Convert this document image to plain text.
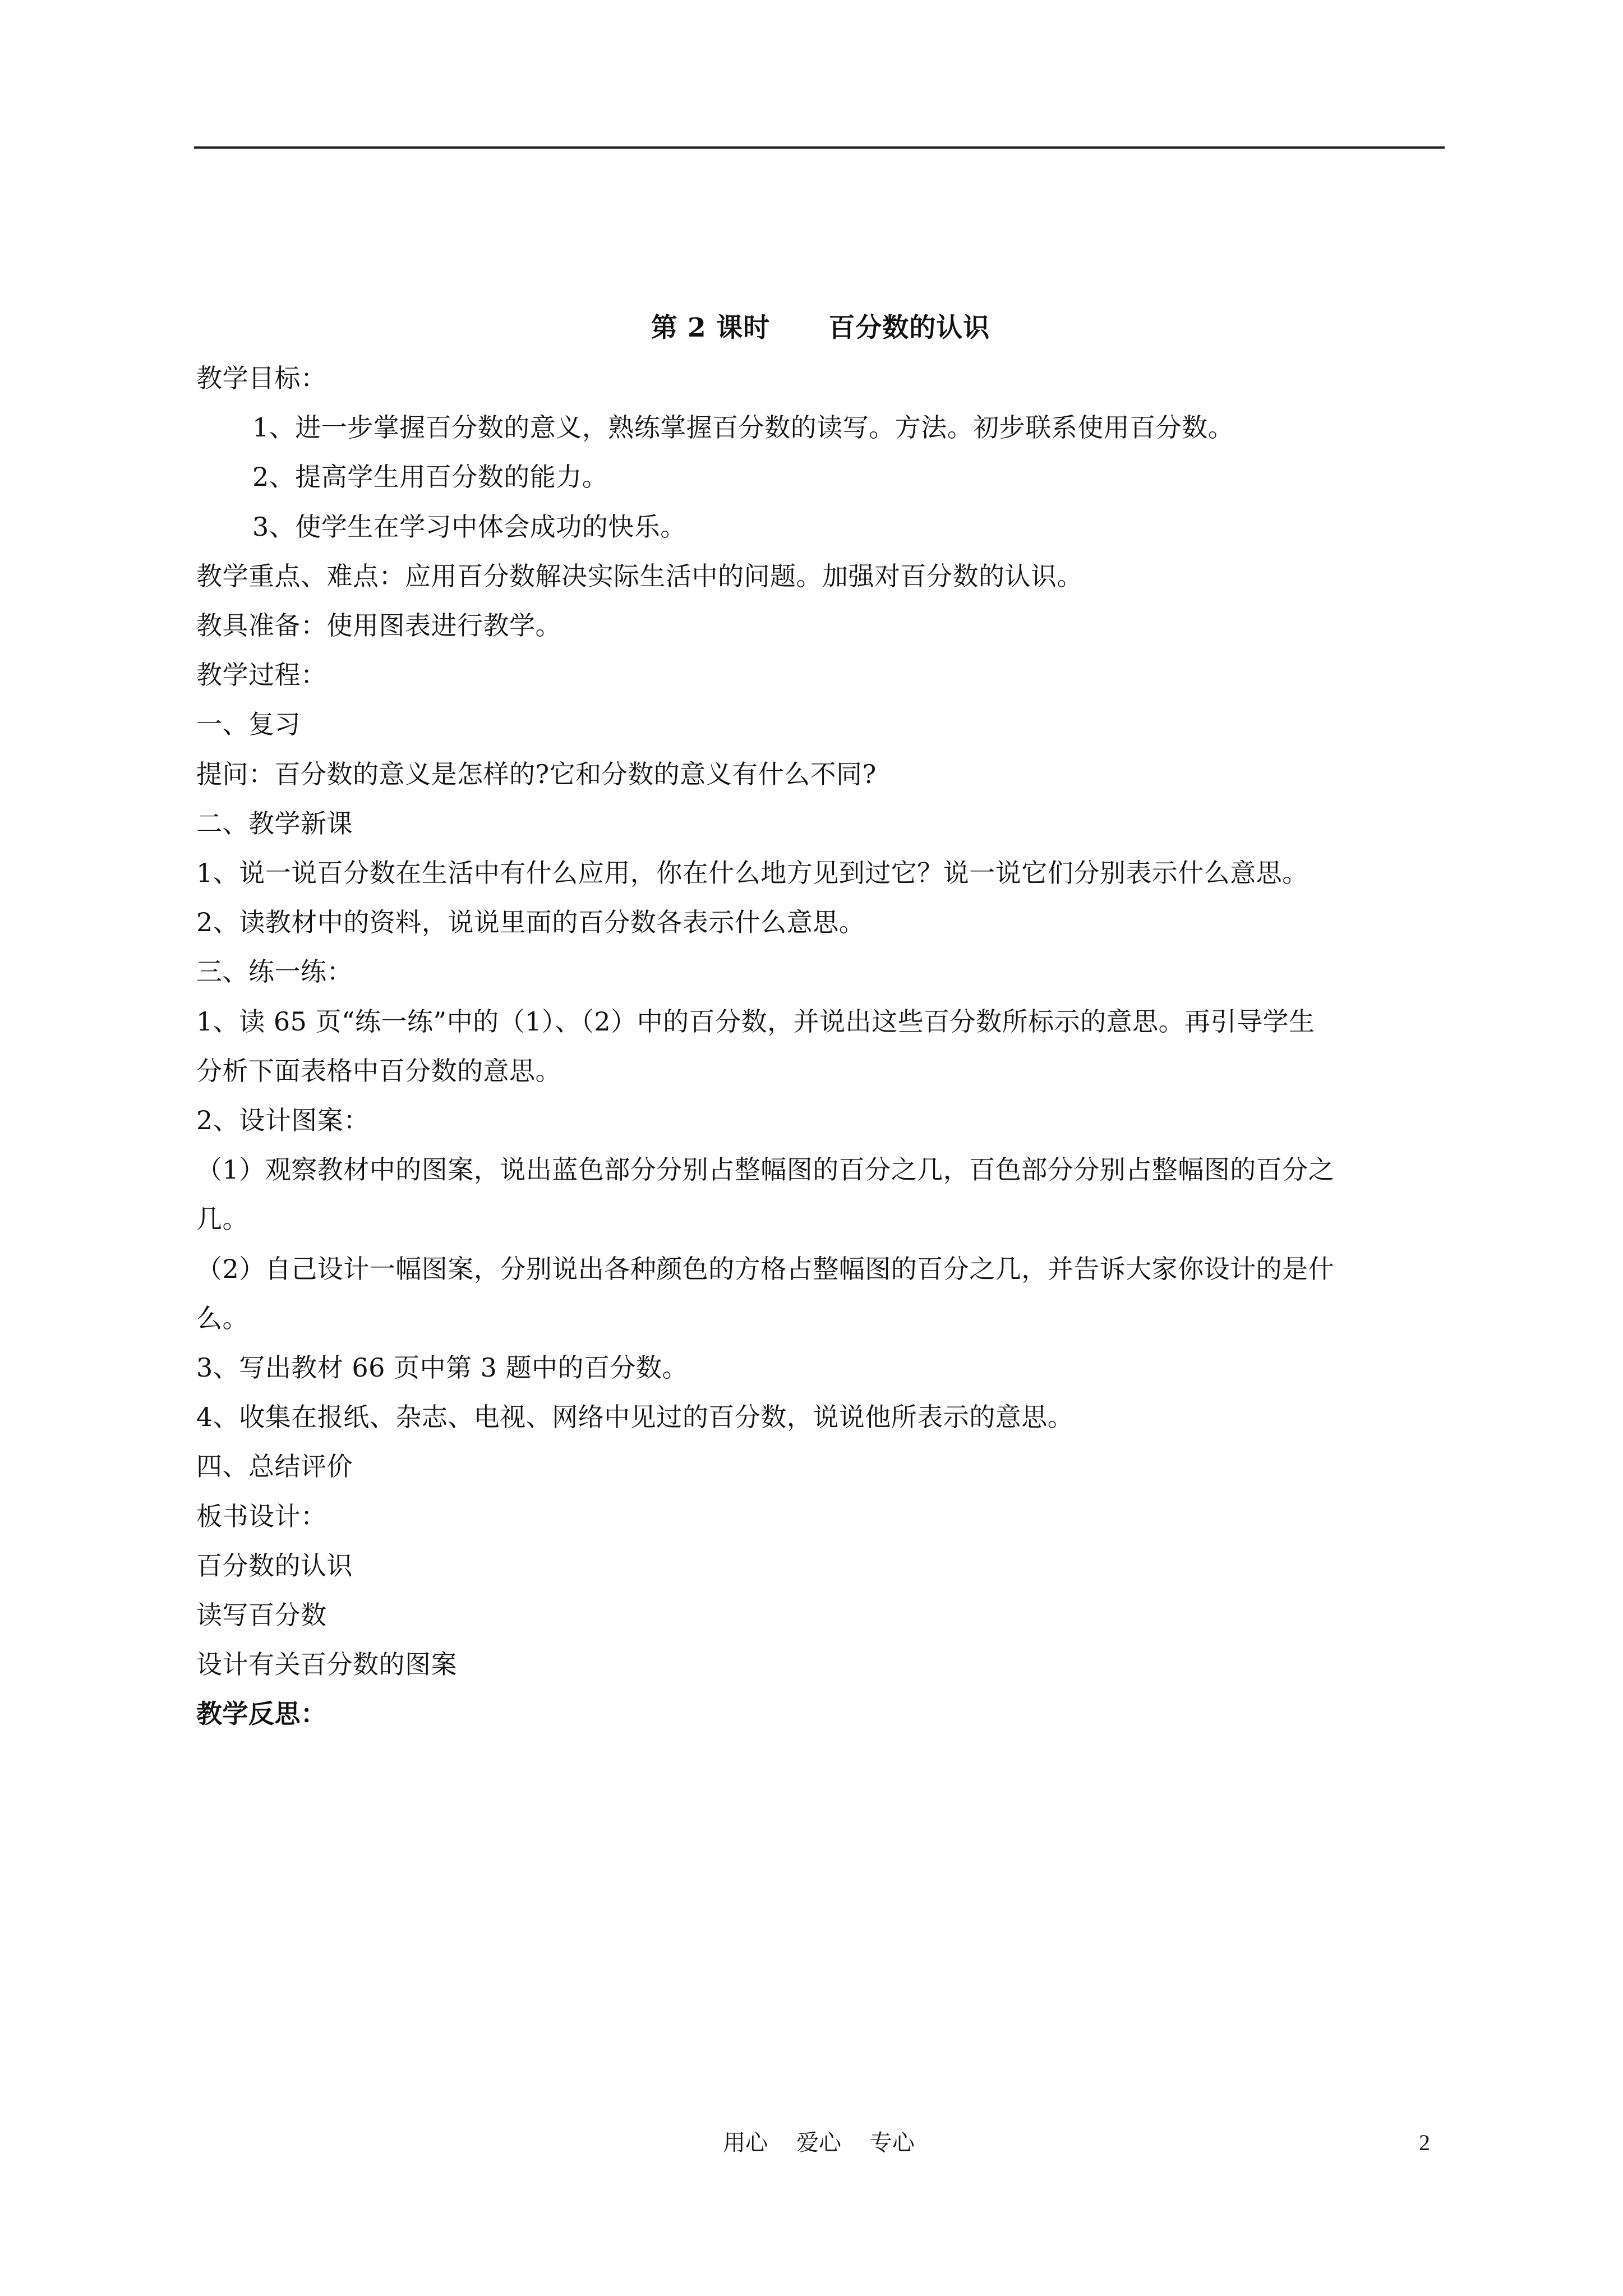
第 2 课时      百分数的认识
教学目标：
1、进一步掌握百分数的意义，熟练掌握百分数的读写。方法。初步联系使用百分数。
2、提高学生用百分数的能力。
3、使学生在学习中体会成功的快乐。
教学重点、难点：应用百分数解决实际生活中的问题。加强对百分数的认识。
教具准备：使用图表进行教学。
教学过程：
一、复习
提问：百分数的意义是怎样的?它和分数的意义有什么不同?
二、教学新课
1、说一说百分数在生活中有什么应用，你在什么地方见到过它？说一说它们分别表示什么意思。
2、读教材中的资料，说说里面的百分数各表示什么意思。
三、练一练：
1、读 65 页“练一练”中的（1）、（2）中的百分数，并说出这些百分数所标示的意思。再引导学生
分析下面表格中百分数的意思。
2、设计图案：
（1）观察教材中的图案，说出蓝色部分分别占整幅图的百分之几，百色部分分别占整幅图的百分之
几。
（2）自己设计一幅图案，分别说出各种颜色的方格占整幅图的百分之几，并告诉大家你设计的是什
么。
3、写出教材 66 页中第 3 题中的百分数。
4、收集在报纸、杂志、电视、网络中见过的百分数，说说他所表示的意思。
四、总结评价
板书设计：
百分数的认识
读写百分数
设计有关百分数的图案
教学反思：
用心    爱心    专心	2
